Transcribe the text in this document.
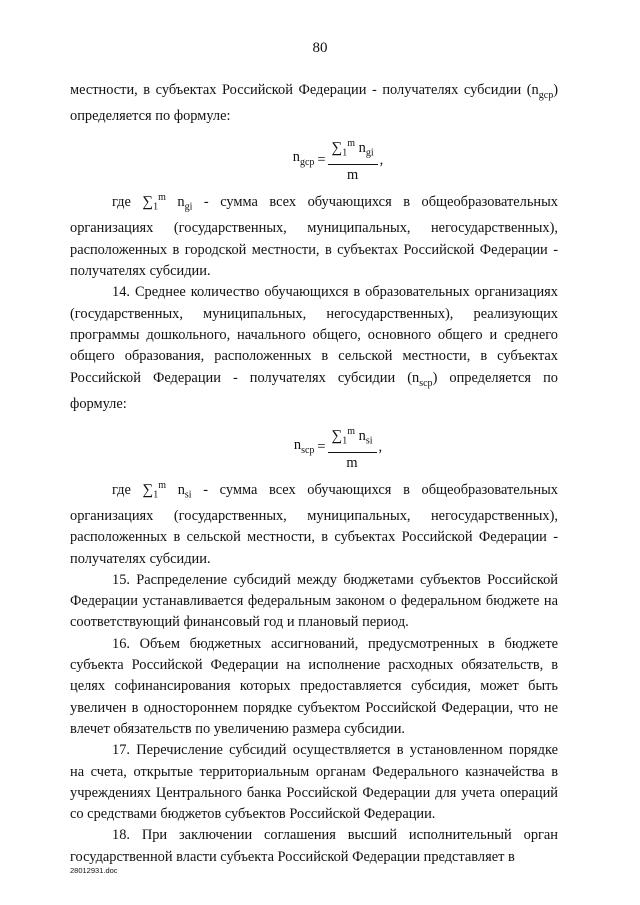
80

местности, в субъектах Российской Федерации - получателях субсидии $(n_{gcp})$ определяется по формуле:

$n_{gcp} = \frac{\sum_1^m n_{gi}}{m}$ ,

где $\sum_1^m$ $n_{gi}$ - сумма всех обучающихся в общеобразовательных организациях (государственных, муниципальных, негосударственных), расположенных в городской местности, в субъектах Российской Федерации - получателях субсидии.

14. Среднее количество обучающихся в образовательных организациях (государственных, муниципальных, негосударственных), реализующих программы дошкольного, начального общего, основного общего и среднего общего образования, расположенных в сельской местности, в субъектах Российской Федерации - получателях субсидии $(n_{scp})$ определяется по формуле:

$n_{scp} = \frac{\sum_1^m n_{si}}{m}$ ,

где $\sum_1^m$ $n_{si}$ - сумма всех обучающихся в общеобразовательных организациях (государственных, муниципальных, негосударственных), расположенных в сельской местности, в субъектах Российской Федерации - получателях субсидии.

15. Распределение субсидий между бюджетами субъектов Российской Федерации устанавливается федеральным законом о федеральном бюджете на соответствующий финансовый год и плановый период.

16. Объем бюджетных ассигнований, предусмотренных в бюджете субъекта Российской Федерации на исполнение расходных обязательств, в целях софинансирования которых предоставляется субсидия, может быть увеличен в одностороннем порядке субъектом Российской Федерации, что не влечет обязательств по увеличению размера субсидии.

17. Перечисление субсидий осуществляется в установленном порядке на счета, открытые территориальным органам Федерального казначейства в учреждениях Центрального банка Российской Федерации для учета операций со средствами бюджетов субъектов Российской Федерации.

18. При заключении соглашения высший исполнительный орган государственной власти субъекта Российской Федерации представляет в

28012931.doc
